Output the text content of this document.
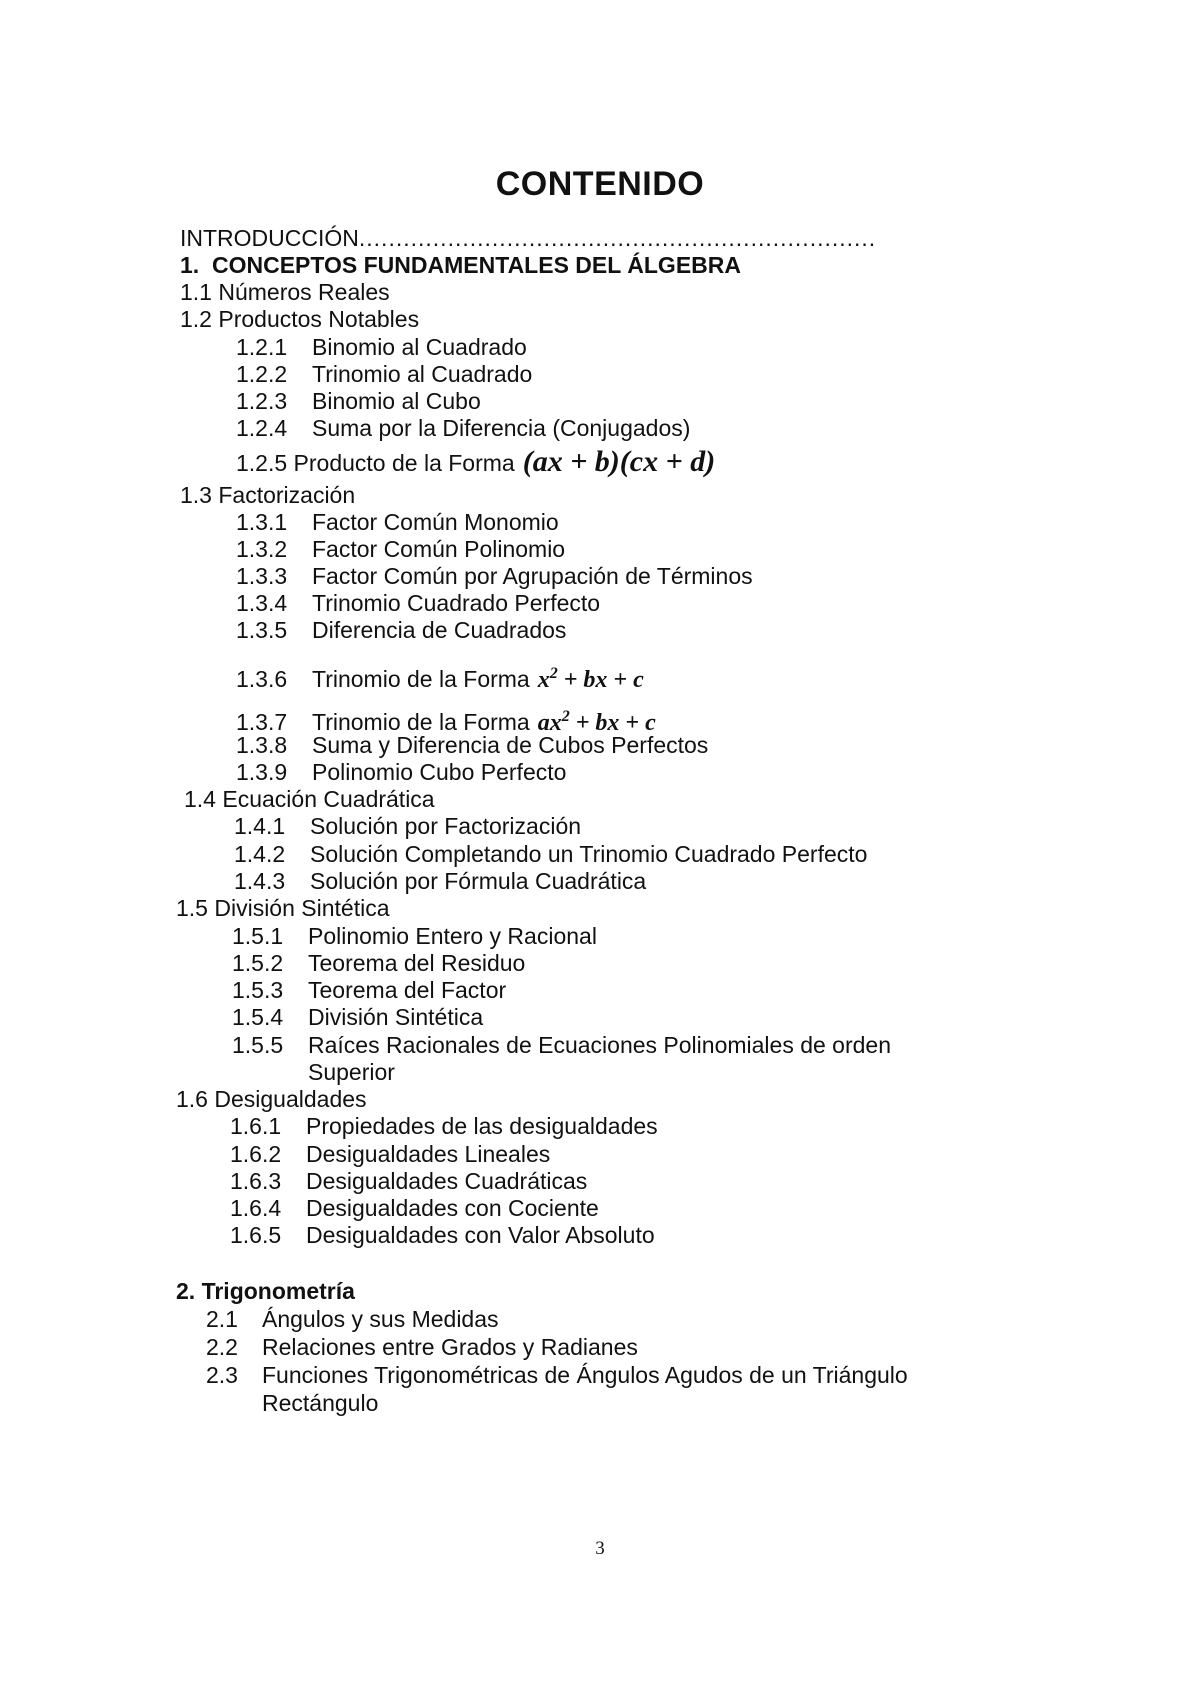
CONTENIDO
INTRODUCCIÓN......................................................................
1. CONCEPTOS FUNDAMENTALES DEL ÁLGEBRA
1.1 Números Reales
1.2 Productos Notables
1.2.1 Binomio al Cuadrado
1.2.2 Trinomio al Cuadrado
1.2.3 Binomio al Cubo
1.2.4 Suma por la Diferencia (Conjugados)
1.2.5 Producto de la Forma (ax + b)(cx + d)
1.3 Factorización
1.3.1 Factor Común Monomio
1.3.2 Factor Común Polinomio
1.3.3 Factor Común por Agrupación de Términos
1.3.4 Trinomio Cuadrado Perfecto
1.3.5 Diferencia de Cuadrados
1.3.6 Trinomio de la Forma $x^2$ + bx + c
1.3.7 Trinomio de la Forma $ax^2$ + bx + c
1.3.8 Suma y Diferencia de Cubos Perfectos
1.3.9 Polinomio Cubo Perfecto
1.4 Ecuación Cuadrática
1.4.1 Solución por Factorización
1.4.2 Solución Completando un Trinomio Cuadrado Perfecto
1.4.3 Solución por Fórmula Cuadrática
1.5 División Sintética
1.5.1 Polinomio Entero y Racional
1.5.2 Teorema del Residuo
1.5.3 Teorema del Factor
1.5.4 División Sintética
1.5.5 Raíces Racionales de Ecuaciones Polinomiales de orden
Superior
1.6 Desigualdades
1.6.1 Propiedades de las desigualdades
1.6.2 Desigualdades Lineales
1.6.3 Desigualdades Cuadráticas
1.6.4 Desigualdades con Cociente
1.6.5 Desigualdades con Valor Absoluto
2. Trigonometría
2.1 Ángulos y sus Medidas
2.2 Relaciones entre Grados y Radianes
2.3 Funciones Trigonométricas de Ángulos Agudos de un Triángulo
Rectángulo
3
